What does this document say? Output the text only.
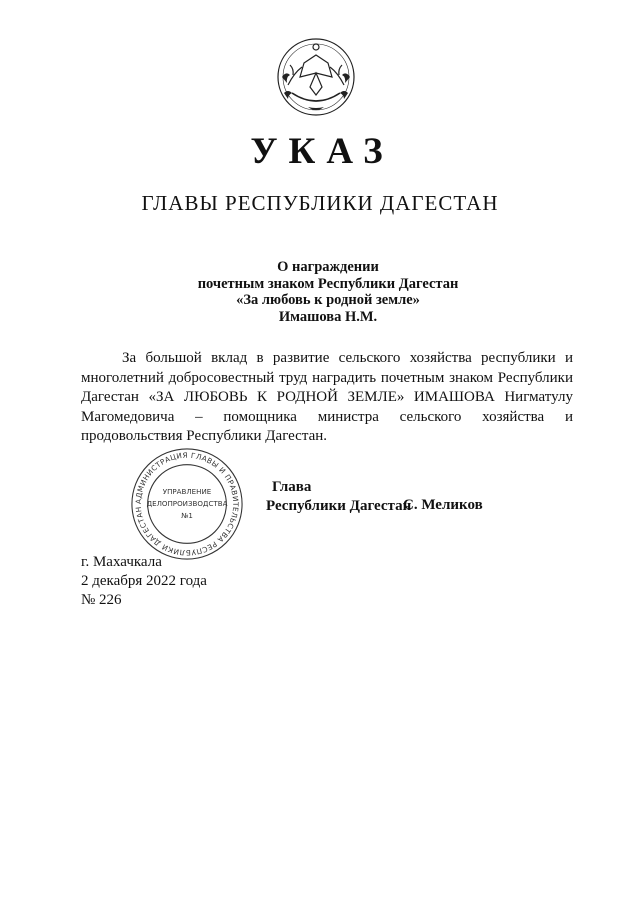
УКАЗ
ГЛАВЫ РЕСПУБЛИКИ ДАГЕСТАН
О награждении
почетным знаком Республики Дагестан
«За любовь к родной земле»
Имашова Н.М.
За большой вклад в развитие сельского хозяйства республики и многолетний добросовестный труд наградить почетным знаком Республики Дагестан «ЗА ЛЮБОВЬ К РОДНОЙ ЗЕМЛЕ» ИМАШОВА Нигматулу Магомедовича – помощника министра сельского хозяйства и продовольствия Республики Дагестан.
АДМИНИСТРАЦИЯ ГЛАВЫ И ПРАВИТЕЛЬСТВА РЕСПУБЛИКИ ДАГЕСТАН
УПРАВЛЕНИЕ
ДЕЛОПРОИЗВОДСТВА
№1
Глава
Республики Дагестан
С. Меликов
г. Махачкала
2 декабря 2022 года
№ 226
